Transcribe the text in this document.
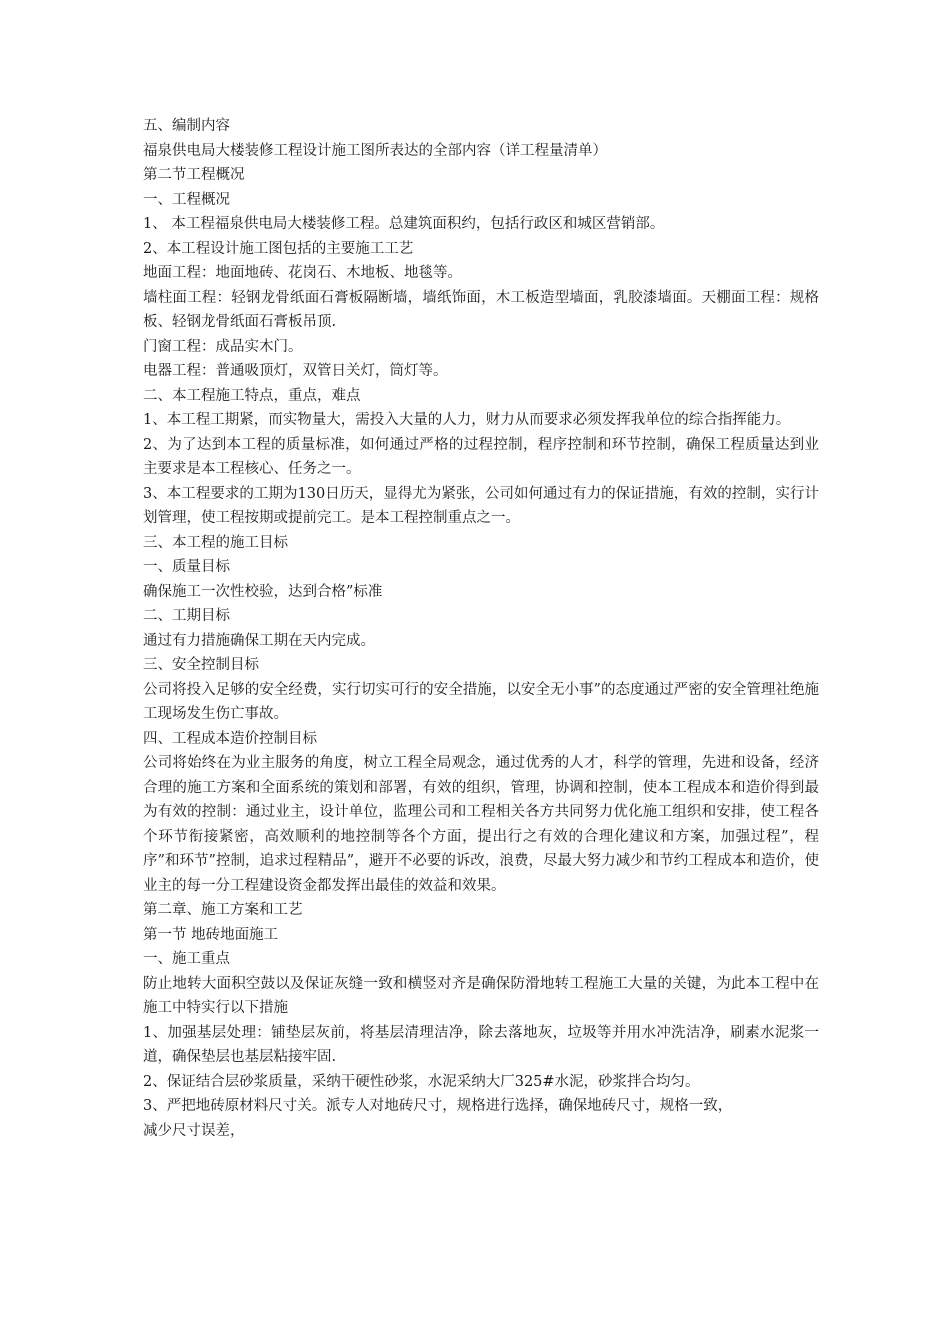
五、编制内容

福泉供电局大楼装修工程设计施工图所表达的全部内容（详工程量清单）

第二节工程概况

一、工程概况

1、 本工程福泉供电局大楼装修工程。总建筑面积约，包括行政区和城区营销部。

2、本工程设计施工图包括的主要施工工艺

地面工程：地面地砖、花岗石、木地板、地毯等。

墙柱面工程：轻钢龙骨纸面石膏板隔断墙，墙纸饰面，木工板造型墙面，乳胶漆墙面。天棚面工程：规格板、轻钢龙骨纸面石膏板吊顶.

门窗工程：成品实木门。

电器工程：普通吸顶灯，双管日关灯，筒灯等。

二、本工程施工特点，重点，难点

1、本工程工期紧，而实物量大，需投入大量的人力，财力从而要求必须发挥我单位的综合指挥能力。

2、为了达到本工程的质量标准，如何通过严格的过程控制，程序控制和环节控制，确保工程质量达到业主要求是本工程核心、任务之一。

3、本工程要求的工期为130日历天，显得尤为紧张，公司如何通过有力的保证措施，有效的控制，实行计划管理，使工程按期或提前完工。是本工程控制重点之一。

三、本工程的施工目标

一、质量目标

确保施工一次性校验，达到合格”标准

二、工期目标

通过有力措施确保工期在天内完成。

三、安全控制目标

公司将投入足够的安全经费，实行切实可行的安全措施，以安全无小事”的态度通过严密的安全管理社绝施工现场发生伤亡事故。

四、工程成本造价控制目标

公司将始终在为业主服务的角度，树立工程全局观念，通过优秀的人才，科学的管理，先进和设备，经济合理的施工方案和全面系统的策划和部署，有效的组织，管理，协调和控制，使本工程成本和造价得到最为有效的控制：通过业主，设计单位，监理公司和工程相关各方共同努力优化施工组织和安排，使工程各个环节衔接紧密，高效顺利的地控制等各个方面，提出行之有效的合理化建议和方案，加强过程”，程序”和环节”控制，追求过程精品”，避开不必要的诉改，浪费，尽最大努力减少和节约工程成本和造价，使业主的每一分工程建设资金都发挥出最佳的效益和效果。

第二章、施工方案和工艺

第一节 地砖地面施工

一、施工重点

防止地转大面积空鼓以及保证灰缝一致和横竖对齐是确保防滑地转工程施工大量的关键，为此本工程中在施工中特实行以下措施

1、加强基层处理：铺垫层灰前，将基层清理洁净，除去落地灰，垃圾等并用水冲洗洁净，刷素水泥浆一道，确保垫层也基层粘接牢固.

2、保证结合层砂浆质量，采纳干硬性砂浆，水泥采纳大厂325#水泥，砂浆拌合均匀。

3、严把地砖原材料尺寸关。派专人对地砖尺寸，规格进行选择，确保地砖尺寸，规格一致，

减少尺寸误差，
